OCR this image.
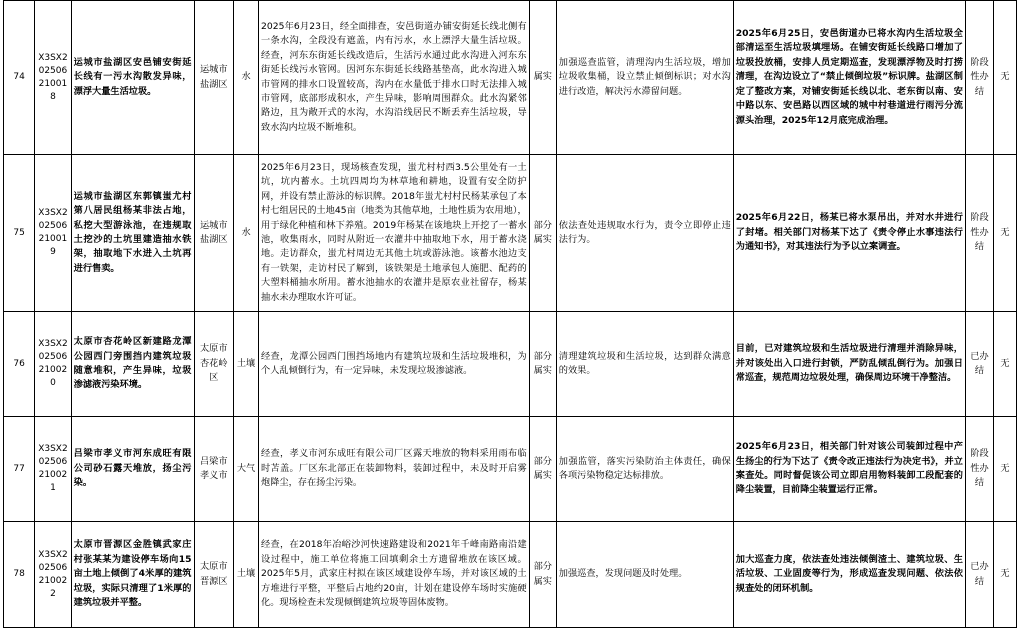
74	X3SX202506210018	运城市盐湖区安邑铺安街延长线有一污水沟散发异味，漂浮大量生活垃圾。	运城市盐湖区	水	2025年6月23日，经全面排查，安邑街道办铺安街延长线北侧有一条水沟，全段没有遮盖，内有污水，水上漂浮大量生活垃圾。经查，河东东街延长线改造后，生活污水通过此水沟进入河东东街延长线污水管网。因河东东街延长线路基垫高，此水沟进入城市管网的排水口设置较高，沟内在水量低于排水口时无法排入城市管网，底部形成积水，产生异味，影响周围群众。此水沟紧邻路边，且为敞开式的水沟，水沟沿线居民不断丢弃生活垃圾，导致水沟内垃圾不断堆积。	属实	加强巡查监管，清理沟内生活垃圾，增加垃圾收集桶，设立禁止倾倒标识；对水沟进行改造，解决污水滞留问题。	2025年6月25日，安邑街道办已将水沟内生活垃圾全部清运至生活垃圾填埋场。在铺安街延长线路口增加了垃圾投放桶，安排人员定期巡查，发现漂浮物及时打捞清理，在沟边设立了“禁止倾倒垃圾”标识牌。盐湖区制定了整改方案，对铺安街延长线以北、老东街以南、安中路以东、安邑路以西区域的城中村巷道进行雨污分流源头治理，2025年12月底完成治理。	阶段性办结	无
75	X3SX202506210019	运城市盐湖区东郭镇蚩尤村第八居民组杨某非法占地，私挖大型游泳池，在违规取土挖沙的土坑里建造抽水铁架，抽取地下水进入土坑再进行售卖。	运城市盐湖区	水	2025年6月23日，现场核查发现，蚩尤村村西3.5公里处有一土坑，坑内蓄水。土坑四周均为林草地和耕地，设置有安全防护网，并设有禁止游泳的标识牌。2018年蚩尤村村民杨某承包了本村七组居民的土地45亩（地类为其他草地，土地性质为农用地），用于绿化种植和林下养殖。2019年杨某在该地块上开挖了一蓄水池，收集雨水，同时从附近一农灌井中抽取地下水，用于蓄水浇地。走访群众，蚩尤村周边无其他土坑或游泳池。该蓄水池边支有一铁架，走访村民了解到，该铁架是土地承包人施肥、配药的大塑料桶抽水所用。蓄水池抽水的农灌井是原农业社留存，杨某抽水未办理取水许可证。	部分属实	依法查处违规取水行为，责令立即停止违法行为。	2025年6月22日，杨某已将水泵吊出，并对水井进行了封堵。相关部门对杨某下达了《责令停止水事违法行为通知书》，对其违法行为予以立案调查。	阶段性办结	无
76	X3SX202506210020	太原市杏花岭区新建路龙潭公园西门旁围挡内建筑垃圾随意堆积，产生异味，垃圾渗滤液污染环境。	太原市杏花岭区	土壤	经查，龙潭公园西门围挡场地内有建筑垃圾和生活垃圾堆积，为个人乱倾倒行为，有一定异味，未发现垃圾渗滤液。	部分属实	清理建筑垃圾和生活垃圾，达到群众满意的效果。	目前，已对建筑垃圾和生活垃圾进行清理并消除异味，并对该处出入口进行封锁，严防乱倾乱倒行为。加强日常巡查，规范周边垃圾处理，确保周边环境干净整洁。	已办结	无
77	X3SX202506210021	吕梁市孝义市河东成旺有限公司砂石露天堆放，扬尘污染。	吕梁市孝义市	大气	经查，孝义市河东成旺有限公司厂区露天堆放的物料采用雨布临时苫盖。厂区东北部正在装卸物料，装卸过程中，未及时开启雾炮降尘，存在扬尘污染。	部分属实	加强监管，落实污染防治主体责任，确保各项污染物稳定达标排放。	2025年6月23日，相关部门针对该公司装卸过程中产生扬尘的行为下达了《责令改正违法行为决定书》，并立案查处。同时督促该公司立即启用物料装卸工段配套的降尘装置，目前降尘装置运行正常。	阶段性办结	无
78	X3SX202506210022	太原市晋源区金胜镇武家庄村张某某为建设停车场向15亩土地上倾倒了4米厚的建筑垃圾，实际只清理了1米厚的建筑垃圾并平整。	太原市晋源区	土壤	经查，在2018年冶峪沙河快速路建设和2021年千峰南路南沿建设过程中，施工单位将施工回填剩余土方遗留堆放在该区域。2025年5月，武家庄村拟在该区域建设停车场，并对该区域的土方堆进行平整，平整后占地约20亩，计划在建设停车场时实施硬化。现场检查未发现倾倒建筑垃圾等固体废物。	部分属实	加强巡查，发现问题及时处理。	加大巡查力度，依法查处违法倾倒渣土、建筑垃圾、生活垃圾、工业固废等行为，形成巡查发现问题、依法依规查处的闭环机制。	已办结	无
